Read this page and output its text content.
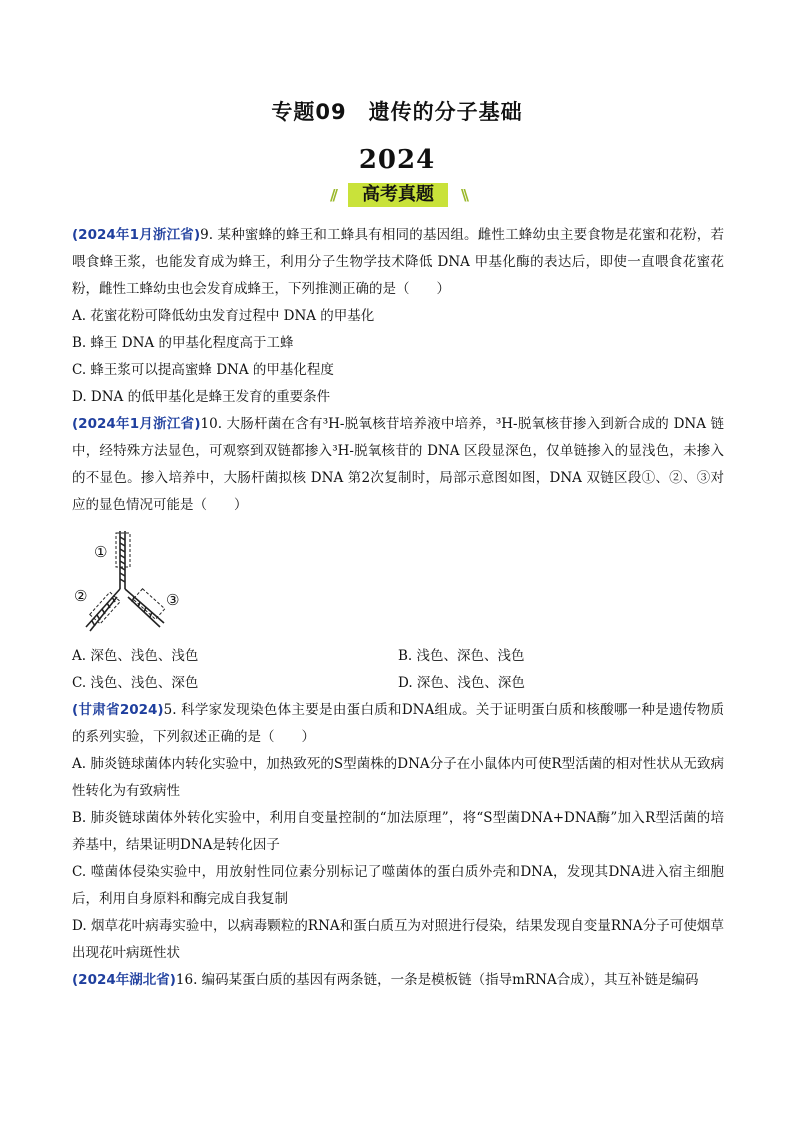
专题09　遗传的分子基础
2024
//	高考真题	\\

(2024年1月浙江省)9. 某种蜜蜂的蜂王和工蜂具有相同的基因组。雌性工蜂幼虫主要食物是花蜜和花粉，若喂食蜂王浆，也能发育成为蜂王，利用分子生物学技术降低 DNA 甲基化酶的表达后，即使一直喂食花蜜花粉，雌性工蜂幼虫也会发育成蜂王，下列推测正确的是（　　）

A. 花蜜花粉可降低幼虫发育过程中 DNA 的甲基化

B. 蜂王 DNA 的甲基化程度高于工蜂

C. 蜂王浆可以提高蜜蜂 DNA 的甲基化程度

D. DNA 的低甲基化是蜂王发育的重要条件

(2024年1月浙江省)10. 大肠杆菌在含有³H-脱氧核苷培养液中培养，³H-脱氧核苷掺入到新合成的 DNA 链中，经特殊方法显色，可观察到双链都掺入³H-脱氧核苷的 DNA 区段显深色，仅单链掺入的显浅色，未掺入的不显色。掺入培养中，大肠杆菌拟核 DNA 第2次复制时，局部示意图如图，DNA 双链区段①、②、③对应的显色情况可能是（　　）

①
②	③

A. 深色、浅色、浅色	B. 浅色、深色、浅色

C. 浅色、浅色、深色	D. 深色、浅色、深色

(甘肃省2024)5. 科学家发现染色体主要是由蛋白质和DNA组成。关于证明蛋白质和核酸哪一种是遗传物质的系列实验，下列叙述正确的是（　　）

A. 肺炎链球菌体内转化实验中，加热致死的S型菌株的DNA分子在小鼠体内可使R型活菌的相对性状从无致病性转化为有致病性

B. 肺炎链球菌体外转化实验中，利用自变量控制的“加法原理”，将“S型菌DNA+DNA酶”加入R型活菌的培养基中，结果证明DNA是转化因子

C. 噬菌体侵染实验中，用放射性同位素分别标记了噬菌体的蛋白质外壳和DNA，发现其DNA进入宿主细胞后，利用自身原料和酶完成自我复制

D. 烟草花叶病毒实验中，以病毒颗粒的RNA和蛋白质互为对照进行侵染，结果发现自变量RNA分子可使烟草出现花叶病斑性状

(2024年湖北省)16. 编码某蛋白质的基因有两条链，一条是模板链（指导mRNA合成），其互补链是编码
